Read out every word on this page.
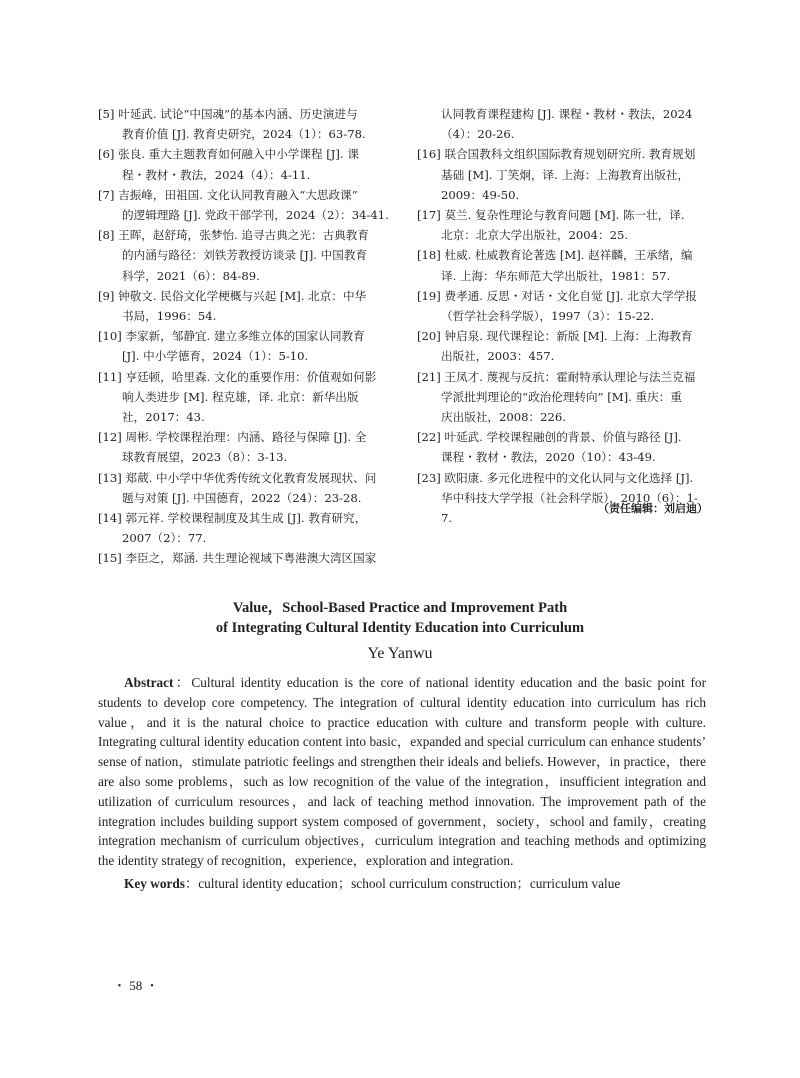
[5] 叶延武. 试论“中国魂”的基本内涵、历史演进与
教育价值 [J]. 教育史研究，2024（1）：63-78.
[6] 张良. 重大主题教育如何融入中小学课程 [J]. 课
程・教材・教法，2024（4）：4-11.
[7] 吉振峰，田祖国. 文化认同教育融入“大思政课”
的逻辑理路 [J]. 党政干部学刊，2024（2）：34-41.
[8] 王晖，赵舒琦，张梦怡. 追寻古典之光：古典教育
的内涵与路径：刘铁芳教授访谈录 [J]. 中国教育
科学，2021（6）：84-89.
[9] 钟敬文. 民俗文化学梗概与兴起 [M]. 北京：中华
书局，1996：54.
[10] 李家新，邹静宜. 建立多维立体的国家认同教育
[J]. 中小学德育，2024（1）：5-10.
[11] 亨廷顿，哈里森. 文化的重要作用：价值观如何影
响人类进步 [M]. 程克雄，译. 北京：新华出版
社，2017：43.
[12] 周彬. 学校课程治理：内涵、路径与保障 [J]. 全
球教育展望，2023（8）：3-13.
[13] 郑葳. 中小学中华优秀传统文化教育发展现状、问
题与对策 [J]. 中国德育，2022（24）：23-28.
[14] 郭元祥. 学校课程制度及其生成 [J]. 教育研究，
2007（2）：77.
[15] 李臣之，郑涵. 共生理论视域下粤港澳大湾区国家
认同教育课程建构 [J]. 课程・教材・教法，2024
（4）：20-26.
[16] 联合国教科文组织国际教育规划研究所. 教育规划
基础 [M]. 丁笑炯，译. 上海：上海教育出版社，
2009：49-50.
[17] 莫兰. 复杂性理论与教育问题 [M]. 陈一壮，译.
北京：北京大学出版社，2004：25.
[18] 杜威. 杜威教育论著选 [M]. 赵祥麟，王承绪，编
译. 上海：华东师范大学出版社，1981：57.
[19] 费孝通. 反思・对话・文化自觉 [J]. 北京大学学报
（哲学社会科学版），1997（3）：15-22.
[20] 钟启泉. 现代课程论：新版 [M]. 上海：上海教育
出版社，2003：457.
[21] 王凤才. 蔑视与反抗：霍耐特承认理论与法兰克福
学派批判理论的“政治伦理转向” [M]. 重庆：重
庆出版社，2008：226.
[22] 叶延武. 学校课程融创的背景、价值与路径 [J].
课程・教材・教法，2020（10）：43-49.
[23] 欧阳康. 多元化进程中的文化认同与文化选择 [J].
华中科技大学学报（社会科学版），2010（6）：1-7.
（责任编辑：刘启迪）
Value，School-Based Practice and Improvement Path
of Integrating Cultural Identity Education into Curriculum
Ye Yanwu

Abstract：Cultural identity education is the core of national identity education and the basic point for students to develop core competency. The integration of cultural identity education into curriculum has rich value，and it is the natural choice to practice education with culture and transform people with culture. Integrating cultural identity education content into basic，expanded and special curriculum can enhance students’ sense of nation，stimulate patriotic feelings and strengthen their ideals and beliefs. However，in practice，there are also some problems，such as low recognition of the value of the integration，insufficient integration and utilization of curriculum resources，and lack of teaching method innovation. The improvement path of the integration includes building support system composed of government，society，school and family，creating integration mechanism of curriculum objectives，curriculum integration and teaching methods and optimizing the identity strategy of recognition，experience，exploration and integration.

Key words：cultural identity education；school curriculum construction；curriculum value

・ 58 ・
